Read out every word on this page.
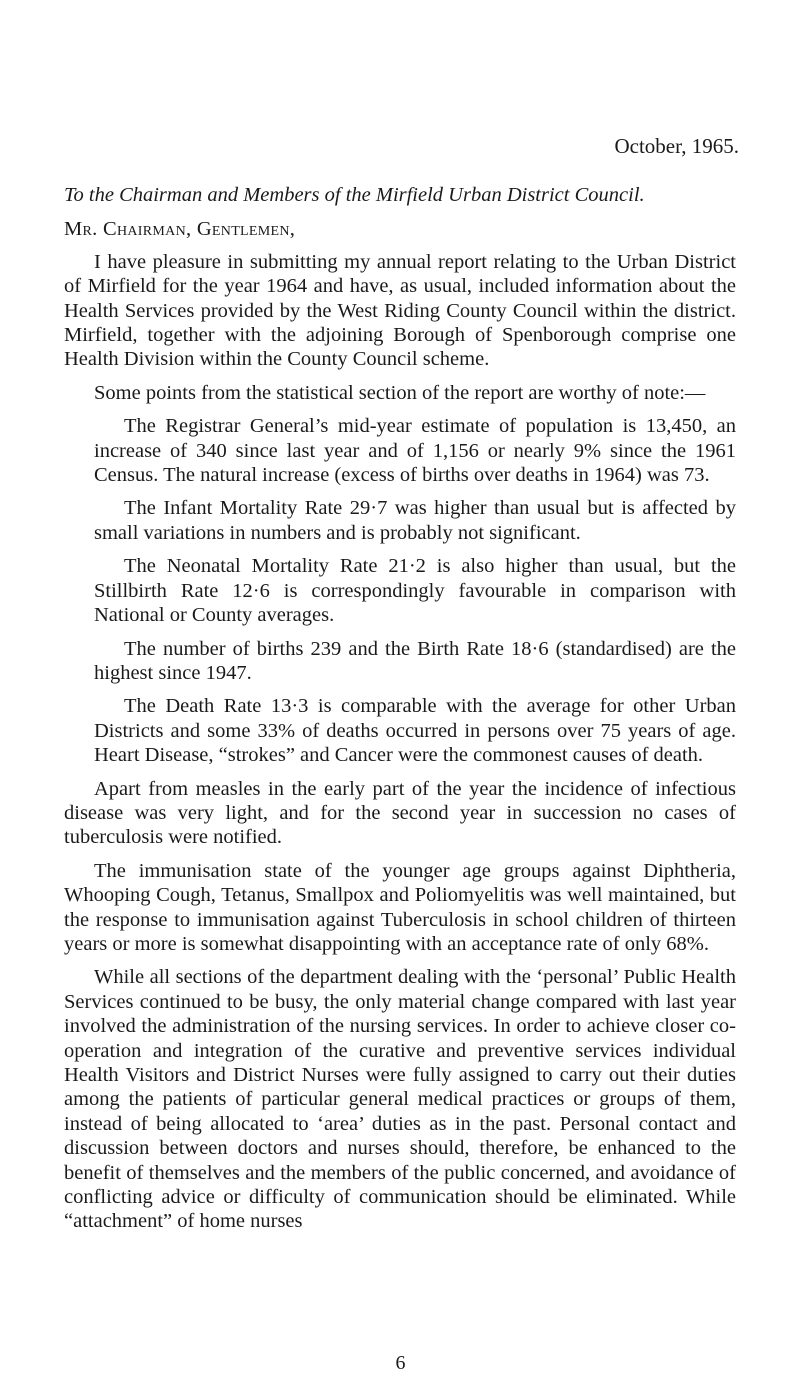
October, 1965.

To the Chairman and Members of the Mirfield Urban District Council.

Mr. Chairman, Gentlemen,

I have pleasure in submitting my annual report relating to the Urban District of Mirfield for the year 1964 and have, as usual, included information about the Health Services provided by the West Riding County Council within the district. Mirfield, together with the adjoining Borough of Spenborough comprise one Health Division within the County Council scheme.

Some points from the statistical section of the report are worthy of note:—

The Registrar General’s mid-year estimate of population is 13,450, an increase of 340 since last year and of 1,156 or nearly 9% since the 1961 Census. The natural increase (excess of births over deaths in 1964) was 73.

The Infant Mortality Rate 29·7 was higher than usual but is affected by small variations in numbers and is probably not significant.

The Neonatal Mortality Rate 21·2 is also higher than usual, but the Stillbirth Rate 12·6 is correspondingly favourable in comparison with National or County averages.

The number of births 239 and the Birth Rate 18·6 (standardised) are the highest since 1947.

The Death Rate 13·3 is comparable with the average for other Urban Districts and some 33% of deaths occurred in persons over 75 years of age. Heart Disease, “strokes” and Cancer were the commonest causes of death.

Apart from measles in the early part of the year the incidence of infectious disease was very light, and for the second year in succession no cases of tuberculosis were notified.

The immunisation state of the younger age groups against Diphtheria, Whooping Cough, Tetanus, Smallpox and Poliomyelitis was well maintained, but the response to immunisation against Tuberculosis in school children of thirteen years or more is somewhat disappointing with an acceptance rate of only 68%.

While all sections of the department dealing with the ‘personal’ Public Health Services continued to be busy, the only material change compared with last year involved the administration of the nursing services. In order to achieve closer co-operation and integration of the curative and preventive services individual Health Visitors and District Nurses were fully assigned to carry out their duties among the patients of particular general medical practices or groups of them, instead of being allocated to ‘area’ duties as in the past. Personal contact and discussion between doctors and nurses should, therefore, be enhanced to the benefit of themselves and the members of the public concerned, and avoidance of conflicting advice or difficulty of communication should be eliminated. While “attachment” of home nurses

6
